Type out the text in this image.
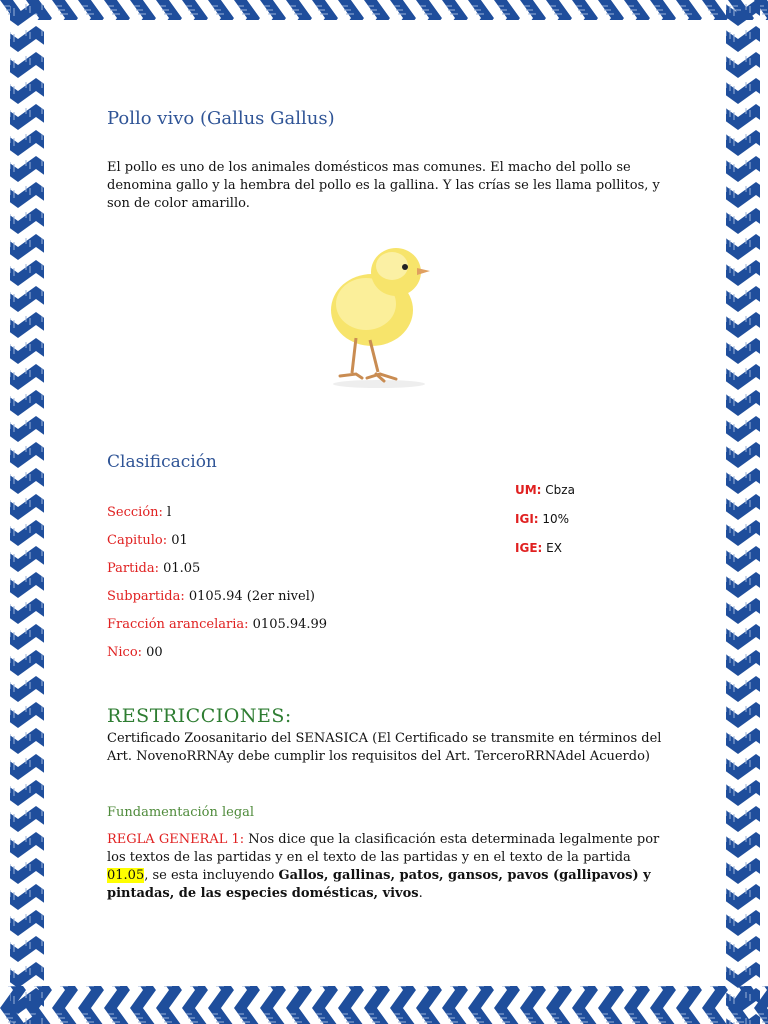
Pollo vivo (Gallus Gallus)
El pollo es uno de los animales domésticos mas comunes. El macho del pollo se denomina gallo y la hembra del pollo es la gallina. Y las crías se les llama pollitos, y son de color amarillo.
Clasificación
Sección: l
Capitulo: 01
Partida: 01.05
Subpartida: 0105.94 (2er nivel)
Fracción arancelaria: 0105.94.99
Nico: 00
UM: Cbza
IGI: 10%
IGE: EX
RESTRICCIONES:
Certificado Zoosanitario del SENASICA (El Certificado se transmite en términos del Art. NovenoRRNAy debe cumplir los requisitos del Art. TerceroRRNAdel Acuerdo)
Fundamentación legal
REGLA GENERAL 1: Nos dice que la clasificación esta determinada legalmente por los textos de las partidas y en el texto de las partidas y en el texto de la partida 01.05, se esta incluyendo Gallos, gallinas, patos, gansos, pavos (gallipavos) y pintadas, de las especies domésticas, vivos.
